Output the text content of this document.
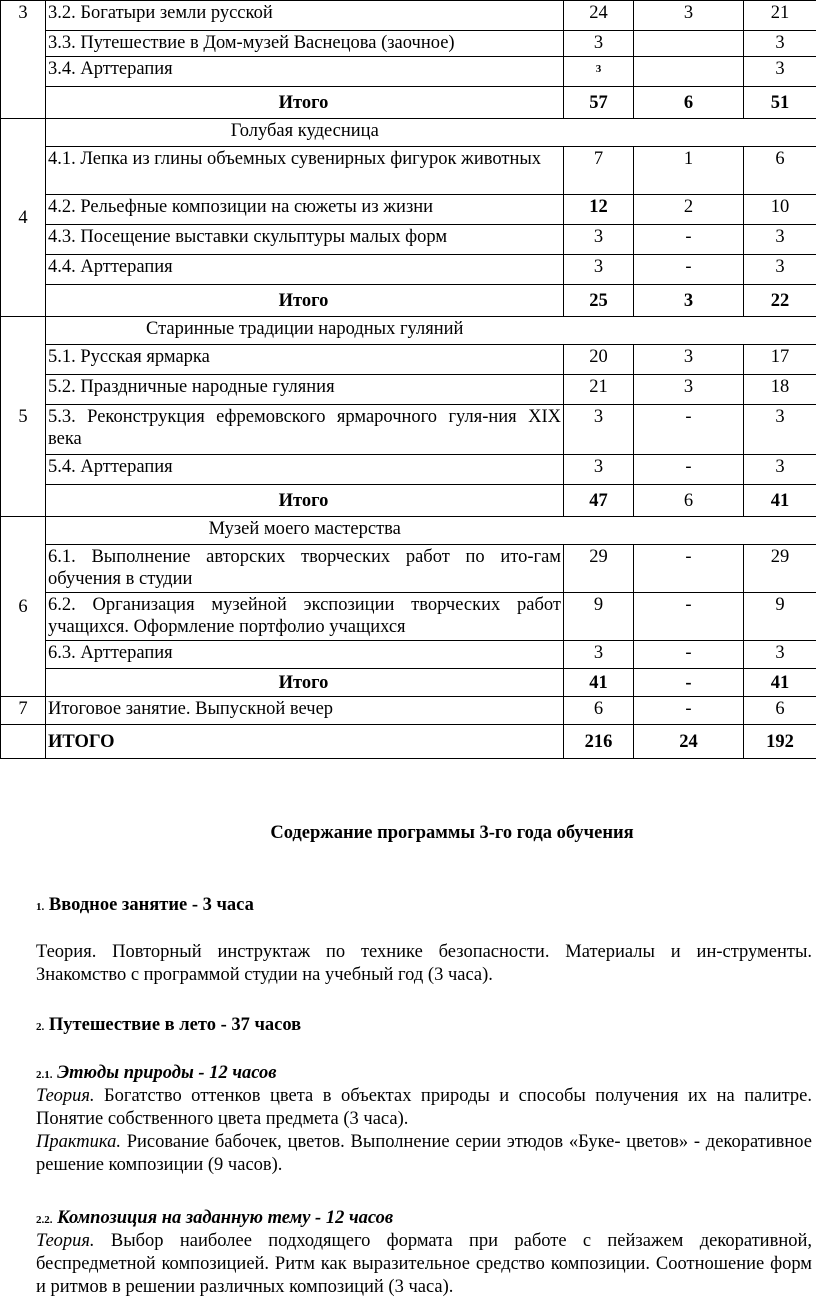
3	3.2. Богатыри земли русской	24	3	21
	3.3. Путешествие в Дом-музей Васнецова (заочное)	3		3
	3.4. Арттерапия	$^3$		3
	Итого	57	6	51
4	Голубая кудесница			
	4.1. Лепка из глины объемных сувенирных фигурок животных	7	1	6
	4.2. Рельефные композиции на сюжеты из жизни	12	2	10
	4.3. Посещение выставки скульптуры малых форм	3	-	3
	4.4. Арттерапия	3	-	3
	Итого	25	3	22
5	Старинные традиции народных гуляний			
	5.1. Русская ярмарка	20	3	17
	5.2. Праздничные народные гуляния	21	3	18
	5.3. Реконструкция ефремовского ярмарочного гуля-ния XIX века	3	-	3
	5.4. Арттерапия	3	-	3
	Итого	47	6	41
6	Музей моего мастерства			
	6.1. Выполнение авторских творческих работ по ито-гам обучения в студии	29	-	29
	6.2. Организация музейной экспозиции творческих работ учащихся. Оформление портфолио учащихся	9	-	9
	6.3. Арттерапия	3	-	3
	Итого	41	-	41
7	Итоговое занятие. Выпускной вечер	6	-	6
	ИТОГО	216	24	192
Содержание программы 3-го года обучения
1. Вводное занятие - 3 часа

Теория. Повторный инструктаж по технике безопасности. Материалы и ин-струменты. Знакомство с программой студии на учебный год (3 часа).

2. Путешествие в лето - 37 часов
2.1. Этюды природы - 12 часов

Теория. Богатство оттенков цвета в объектах природы и способы получения их на палитре. Понятие собственного цвета предмета (3 часа).

Практика. Рисование бабочек, цветов. Выполнение серии этюдов «Буке- цветов» - декоративное решение композиции (9 часов).

2.2. Композиция на заданную тему - 12 часов

Теория. Выбор наиболее подходящего формата при работе с пейзажем декоративной, беспредметной композицией. Ритм как выразительное средство композиции. Соотношение форм и ритмов в решении различных композиций (3 часа).
